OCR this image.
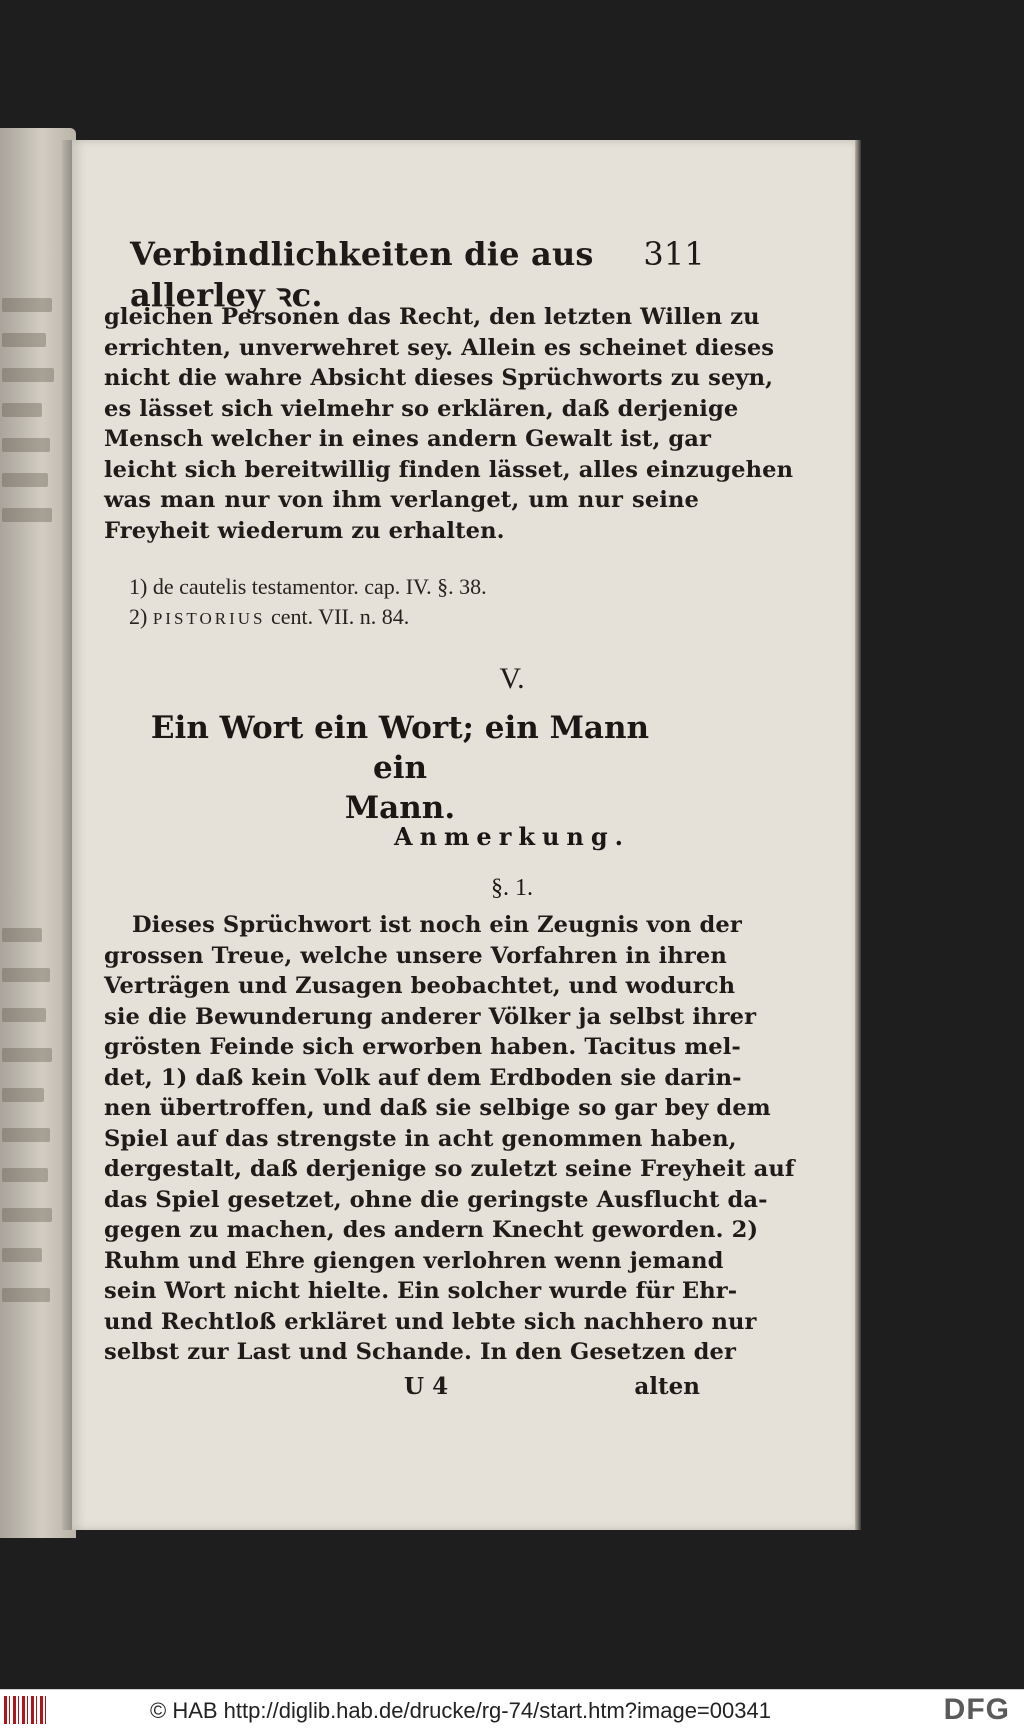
Verbindlichkeiten die aus allerley ꝛc.
311
gleichen Personen das Recht, den letzten Willen zu
errichten, unverwehret sey. Allein es scheinet dieses
nicht die wahre Absicht dieses Sprüchworts zu seyn,
es lässet sich vielmehr so erklären, daß derjenige
Mensch welcher in eines andern Gewalt ist, gar
leicht sich bereitwillig finden lässet, alles einzugehen
was man nur von ihm verlanget, um nur seine
Freyheit wiederum zu erhalten.
1) de cautelis testamentor. cap. IV. §. 38.
2) PISTORIUS cent. VII. n. 84.
V.
Ein Wort ein Wort; ein Mann ein
Mann.
Anmerkung.
§. 1.
Dieses Sprüchwort ist noch ein Zeugnis von der
grossen Treue, welche unsere Vorfahren in ihren
Verträgen und Zusagen beobachtet, und wodurch
sie die Bewunderung anderer Völker ja selbst ihrer
grösten Feinde sich erworben haben. Tacitus mel-
det, 1) daß kein Volk auf dem Erdboden sie darin-
nen übertroffen, und daß sie selbige so gar bey dem
Spiel auf das strengste in acht genommen haben,
dergestalt, daß derjenige so zuletzt seine Freyheit auf
das Spiel gesetzet, ohne die geringste Ausflucht da-
gegen zu machen, des andern Knecht geworden. 2)
Ruhm und Ehre giengen verlohren wenn jemand
sein Wort nicht hielte. Ein solcher wurde für Ehr-
und Rechtloß erkläret und lebte sich nachhero nur
selbst zur Last und Schande. In den Gesetzen der
U 4	alten
© HAB http://diglib.hab.de/drucke/rg-74/start.htm?image=00341	DFG
